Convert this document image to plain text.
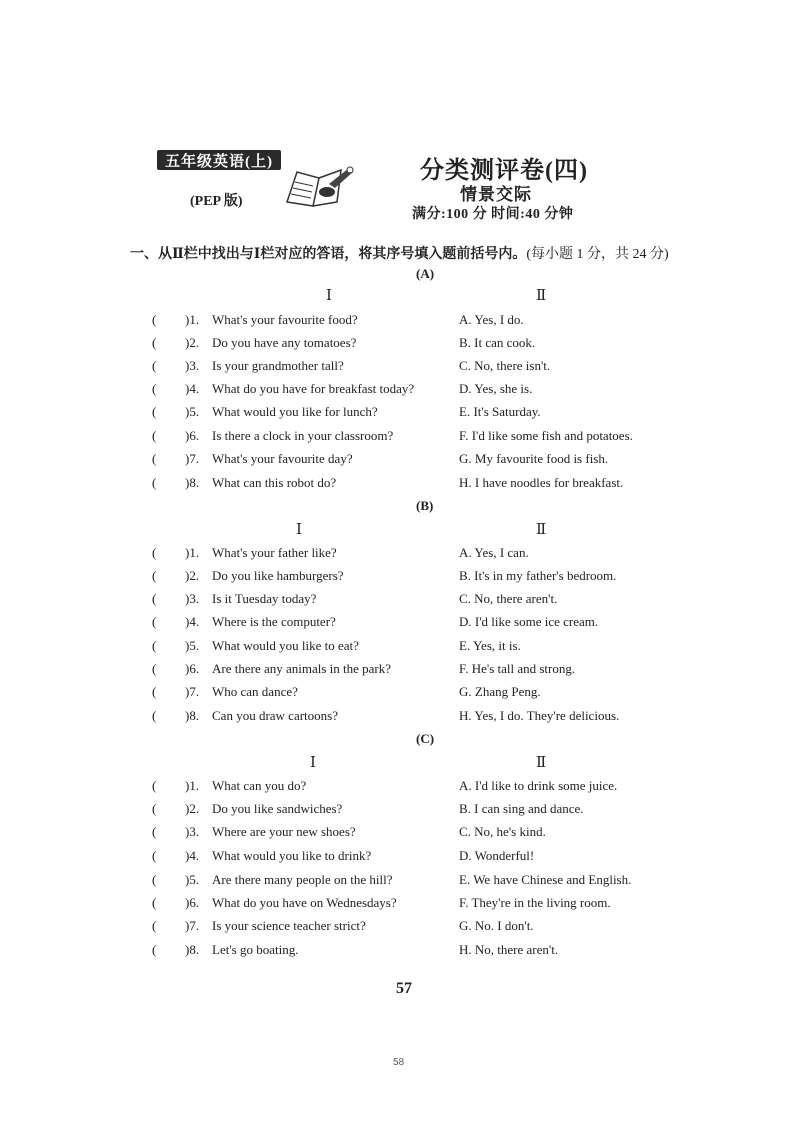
五年级英语(上)
(PEP 版)
分类测评卷(四)
情景交际
满分:100 分 时间:40 分钟
一、从Ⅱ栏中找出与Ⅰ栏对应的答语，将其序号填入题前括号内。(每小题 1 分，共 24 分)
(A)
Ⅰ	Ⅱ
( )1. What's your favourite food?	A. Yes, I do.
( )2. Do you have any tomatoes?	B. It can cook.
( )3. Is your grandmother tall?	C. No, there isn't.
( )4. What do you have for breakfast today?	D. Yes, she is.
( )5. What would you like for lunch?	E. It's Saturday.
( )6. Is there a clock in your classroom?	F. I'd like some fish and potatoes.
( )7. What's your favourite day?	G. My favourite food is fish.
( )8. What can this robot do?	H. I have noodles for breakfast.
(B)
Ⅰ	Ⅱ
( )1. What's your father like?	A. Yes, I can.
( )2. Do you like hamburgers?	B. It's in my father's bedroom.
( )3. Is it Tuesday today?	C. No, there aren't.
( )4. Where is the computer?	D. I'd like some ice cream.
( )5. What would you like to eat?	E. Yes, it is.
( )6. Are there any animals in the park?	F. He's tall and strong.
( )7. Who can dance?	G. Zhang Peng.
( )8. Can you draw cartoons?	H. Yes, I do. They're delicious.
(C)
Ⅰ	Ⅱ
( )1. What can you do?	A. I'd like to drink some juice.
( )2. Do you like sandwiches?	B. I can sing and dance.
( )3. Where are your new shoes?	C. No, he's kind.
( )4. What would you like to drink?	D. Wonderful!
( )5. Are there many people on the hill?	E. We have Chinese and English.
( )6. What do you have on Wednesdays?	F. They're in the living room.
( )7. Is your science teacher strict?	G. No. I don't.
( )8. Let's go boating.	H. No, there aren't.
57
58
